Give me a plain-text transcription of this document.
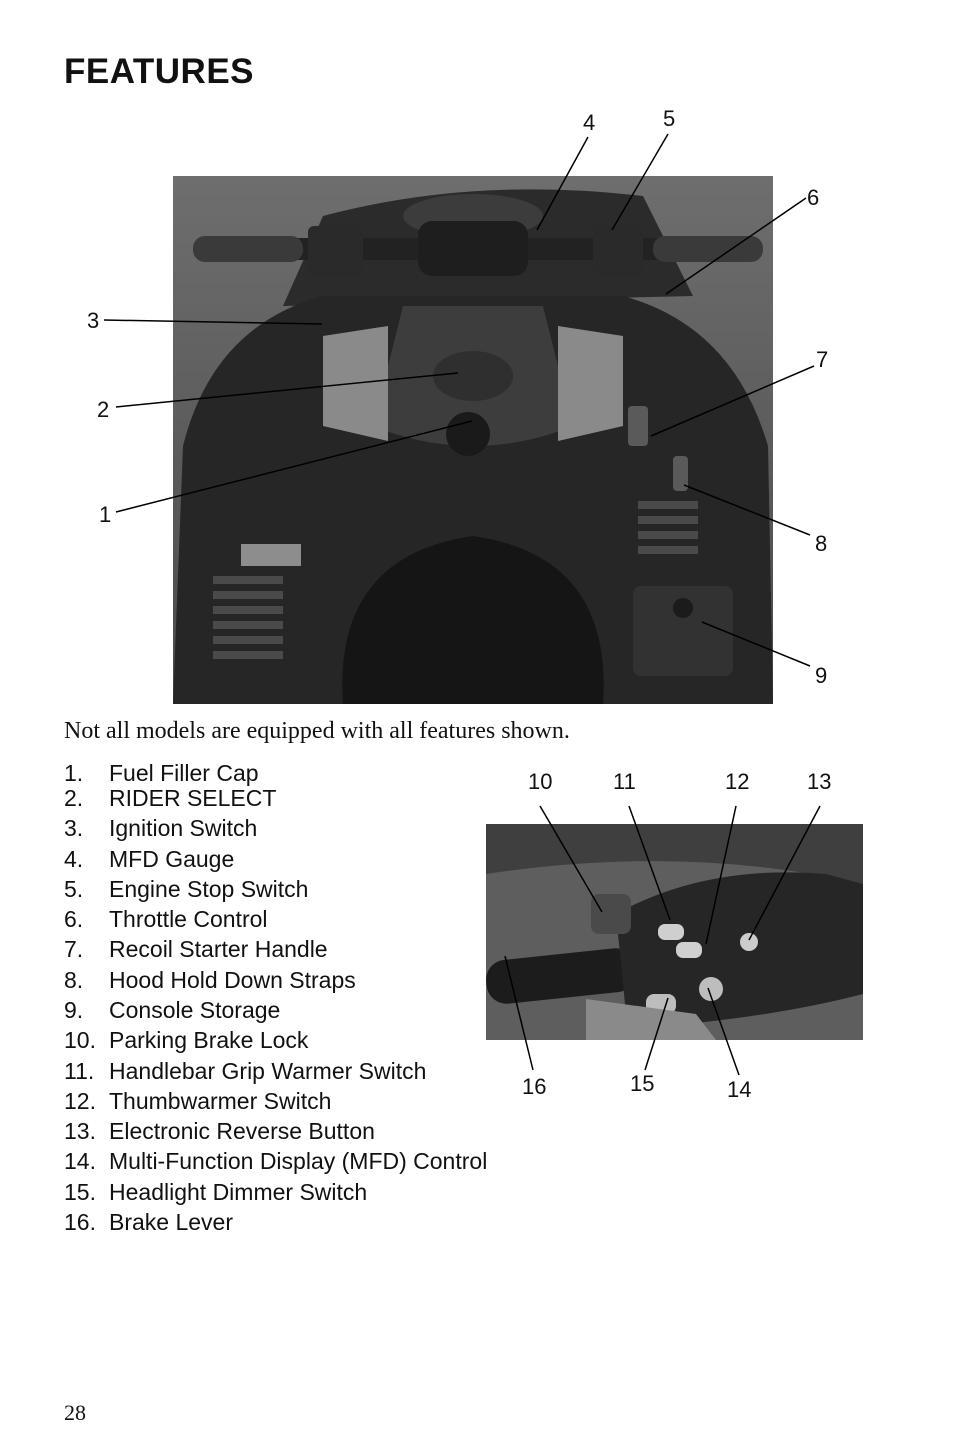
FEATURES
1
2
3
4	5
6
7
8
9
10	11	12	13
14
15
16
Not all models are equipped with all features shown.
1. Fuel Filler Cap
2. RIDER SELECT
3. Ignition Switch
4. MFD Gauge
5. Engine Stop Switch
6. Throttle Control
7. Recoil Starter Handle
8. Hood Hold Down Straps
9. Console Storage
10. Parking Brake Lock
11. Handlebar Grip Warmer Switch
12. Thumbwarmer Switch
13. Electronic Reverse Button
14. Multi-Function Display (MFD) Control
15. Headlight Dimmer Switch
16. Brake Lever
28
